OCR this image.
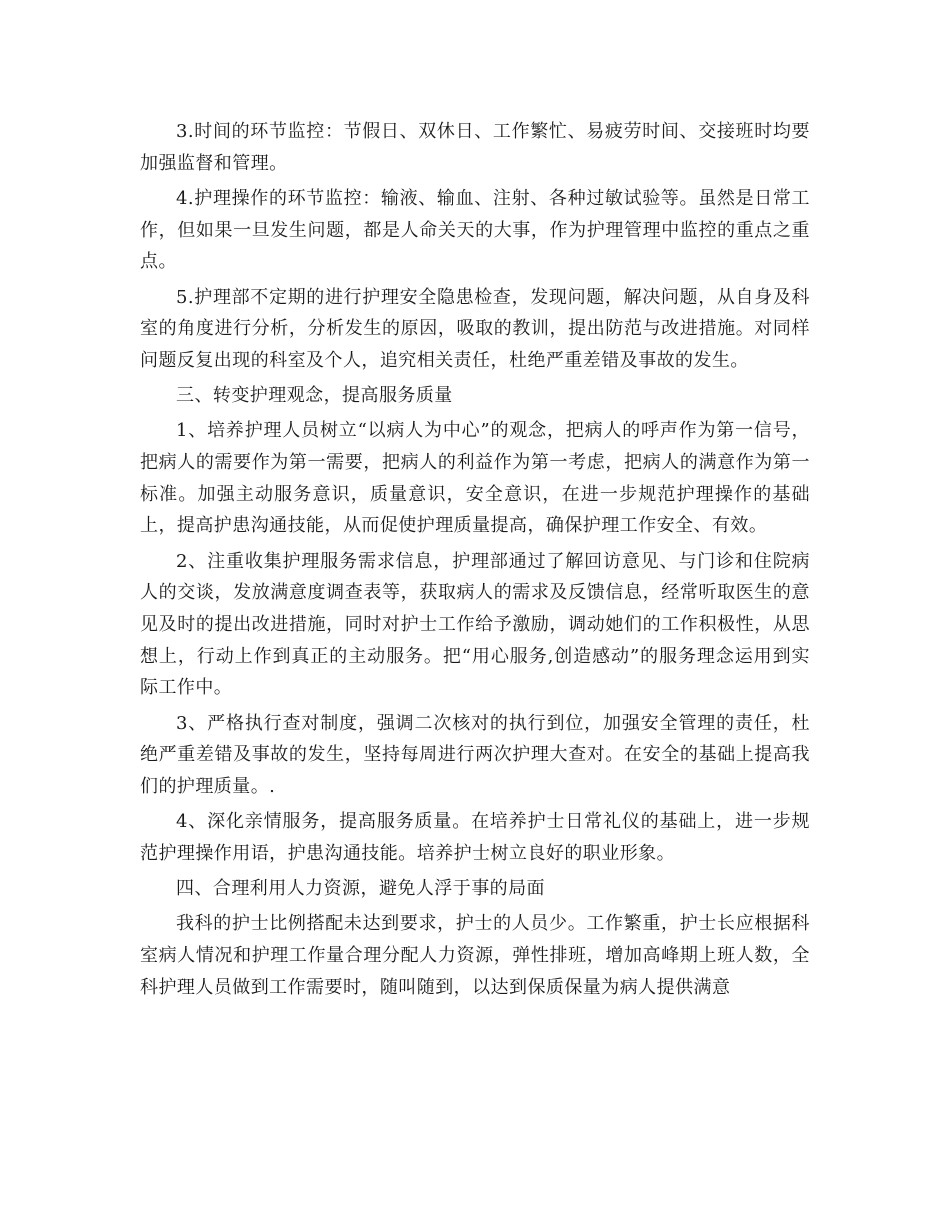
3.时间的环节监控：节假日、双休日、工作繁忙、易疲劳时间、交接班时均要加强监督和管理。

4.护理操作的环节监控：输液、输血、注射、各种过敏试验等。虽然是日常工作，但如果一旦发生问题，都是人命关天的大事，作为护理管理中监控的重点之重点。

5.护理部不定期的进行护理安全隐患检查，发现问题，解决问题，从自身及科室的角度进行分析，分析发生的原因，吸取的教训，提出防范与改进措施。对同样问题反复出现的科室及个人，追究相关责任，杜绝严重差错及事故的发生。

三、转变护理观念，提高服务质量

1、培养护理人员树立“以病人为中心”的观念，把病人的呼声作为第一信号，把病人的需要作为第一需要，把病人的利益作为第一考虑，把病人的满意作为第一标准。加强主动服务意识，质量意识，安全意识，在进一步规范护理操作的基础上，提高护患沟通技能，从而促使护理质量提高，确保护理工作安全、有效。

2、注重收集护理服务需求信息，护理部通过了解回访意见、与门诊和住院病人的交谈，发放满意度调查表等，获取病人的需求及反馈信息，经常听取医生的意见及时的提出改进措施，同时对护士工作给予激励，调动她们的工作积极性，从思想上，行动上作到真正的主动服务。把“用心服务,创造感动”的服务理念运用到实际工作中。

3、严格执行查对制度，强调二次核对的执行到位，加强安全管理的责任，杜绝严重差错及事故的发生，坚持每周进行两次护理大查对。在安全的基础上提高我们的护理质量。.

4、深化亲情服务，提高服务质量。在培养护士日常礼仪的基础上，进一步规范护理操作用语，护患沟通技能。培养护士树立良好的职业形象。

四、合理利用人力资源，避免人浮于事的局面

我科的护士比例搭配未达到要求，护士的人员少。工作繁重，护士长应根据科室病人情况和护理工作量合理分配人力资源，弹性排班，增加高峰期上班人数，全科护理人员做到工作需要时，随叫随到，以达到保质保量为病人提供满意
